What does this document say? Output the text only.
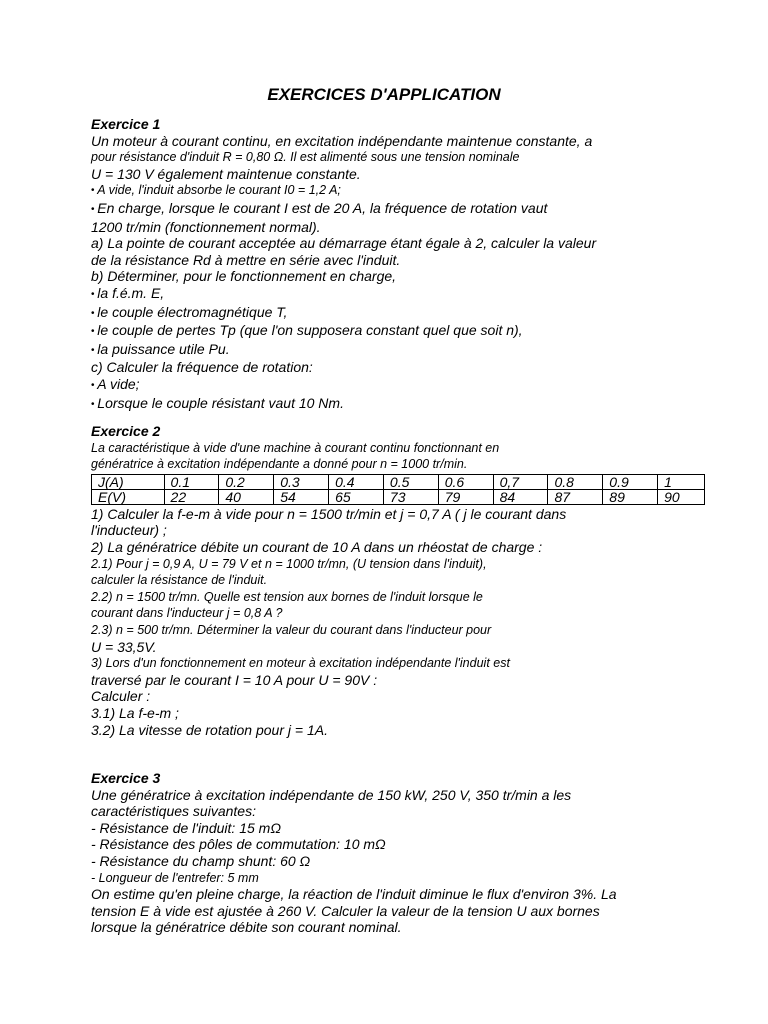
EXERCICES D'APPLICATION
Exercice 1
Un moteur à courant continu, en excitation indépendante maintenue constante, a
pour résistance d'induit R = 0,80 Ω. Il est alimenté sous une tension nominale
U = 130 V également maintenue constante.
• A vide, l'induit absorbe le courant I0 = 1,2 A;
• En charge, lorsque le courant I est de 20 A, la fréquence de rotation vaut
1200 tr/min (fonctionnement normal).
a) La pointe de courant acceptée au démarrage étant égale à 2, calculer la valeur
de la résistance Rd à mettre en série avec l'induit.
b) Déterminer, pour le fonctionnement en charge,
• la f.é.m. E,
• le couple électromagnétique T,
• le couple de pertes Tp (que l'on supposera constant quel que soit n),
• la puissance utile Pu.
c) Calculer la fréquence de rotation:
• A vide;
• Lorsque le couple résistant vaut 10 Nm.
Exercice 2
La caractéristique à vide d'une machine à courant continu fonctionnant en
génératrice à excitation indépendante a donné pour n = 1000 tr/min.
J(A)	0.1	0.2	0.3	0.4	0.5	0.6	0,7	0.8	0.9	1
E(V)	22	40	54	65	73	79	84	87	89	90
1) Calculer la f-e-m à vide pour n = 1500 tr/min et j = 0,7 A ( j le courant dans
l'inducteur) ;
2) La génératrice débite un courant de 10 A dans un rhéostat de charge :
2.1) Pour j = 0,9 A, U = 79 V et n = 1000 tr/mn, (U tension dans l'induit),
calculer la résistance de l'induit.
2.2) n = 1500 tr/mn. Quelle est tension aux bornes de l'induit lorsque le
courant dans l'inducteur j = 0,8 A ?
2.3) n = 500 tr/mn. Déterminer la valeur du courant dans l'inducteur pour
U = 33,5V.
3) Lors d'un fonctionnement en moteur à excitation indépendante l'induit est
traversé par le courant I = 10 A pour U = 90V :
Calculer :
3.1) La f-e-m ;
3.2) La vitesse de rotation pour j = 1A.
Exercice 3
Une génératrice à excitation indépendante de 150 kW, 250 V, 350 tr/min a les
caractéristiques suivantes:
- Résistance de l'induit: 15 mΩ
- Résistance des pôles de commutation: 10 mΩ
- Résistance du champ shunt: 60 Ω
- Longueur de l'entrefer: 5 mm
On estime qu'en pleine charge, la réaction de l'induit diminue le flux d'environ 3%. La
tension E à vide est ajustée à 260 V. Calculer la valeur de la tension U aux bornes
lorsque la génératrice débite son courant nominal.
